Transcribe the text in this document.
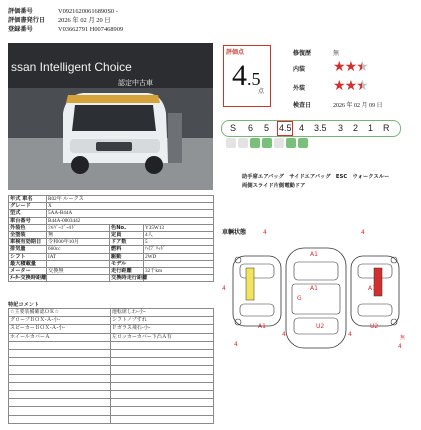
評価番号	V09216200616890S0 -
評価書発行日 2026 年 02 月 20 日
登録番号	V03662791 H007468909
ssan Intelligent Choice
認定中古車
年式 車名	R02年 ルークス		
グレード	X		
型式	5AA-B44A		
車台番号	B44A-0003442		
外装色	ｼﾙﾊﾞｰｺﾞｰﾙﾄﾞ	色No.	Y35W13
全塗装	無	定員	4人
車検有効期日	令和00年10月	ドア数	5
排気量	660cc	燃料	ﾊｲﾌﾞﾘｯﾄﾞ
シフト	IAT	駆動	2WD
最大積載量		モデル	
メーター	交換無	走行距離	32千km
ﾒｰﾀｰ交換時距離		交換時走行距離	
特記コメント
☆主要装備確認ＯＫ☆	運転席しわ-小-
グローブＢＯＸ-Ａ-小-	シフトノブすれ
スピーカーＢＯＸ-Ａ-小-	Ｆガラス飛石-小-
ホイールカバーＡ	左ロッカーカバー下凸Ａ有

評価点
4.5
点
修復歴	無
内装 ★★★
外装 ★★★
検査日	2026 年 02 月 09 日
S 6 5 4.5 4 3.5 3 2 1 R
助手席エアバッグ　サイドエアバッグ　ESC　ウォークスルー
両側スライド片側電動ドア
車輌状態
A1
A1
U2
A1
A1	U2
G
無
4	4
4	4
4	4
4
